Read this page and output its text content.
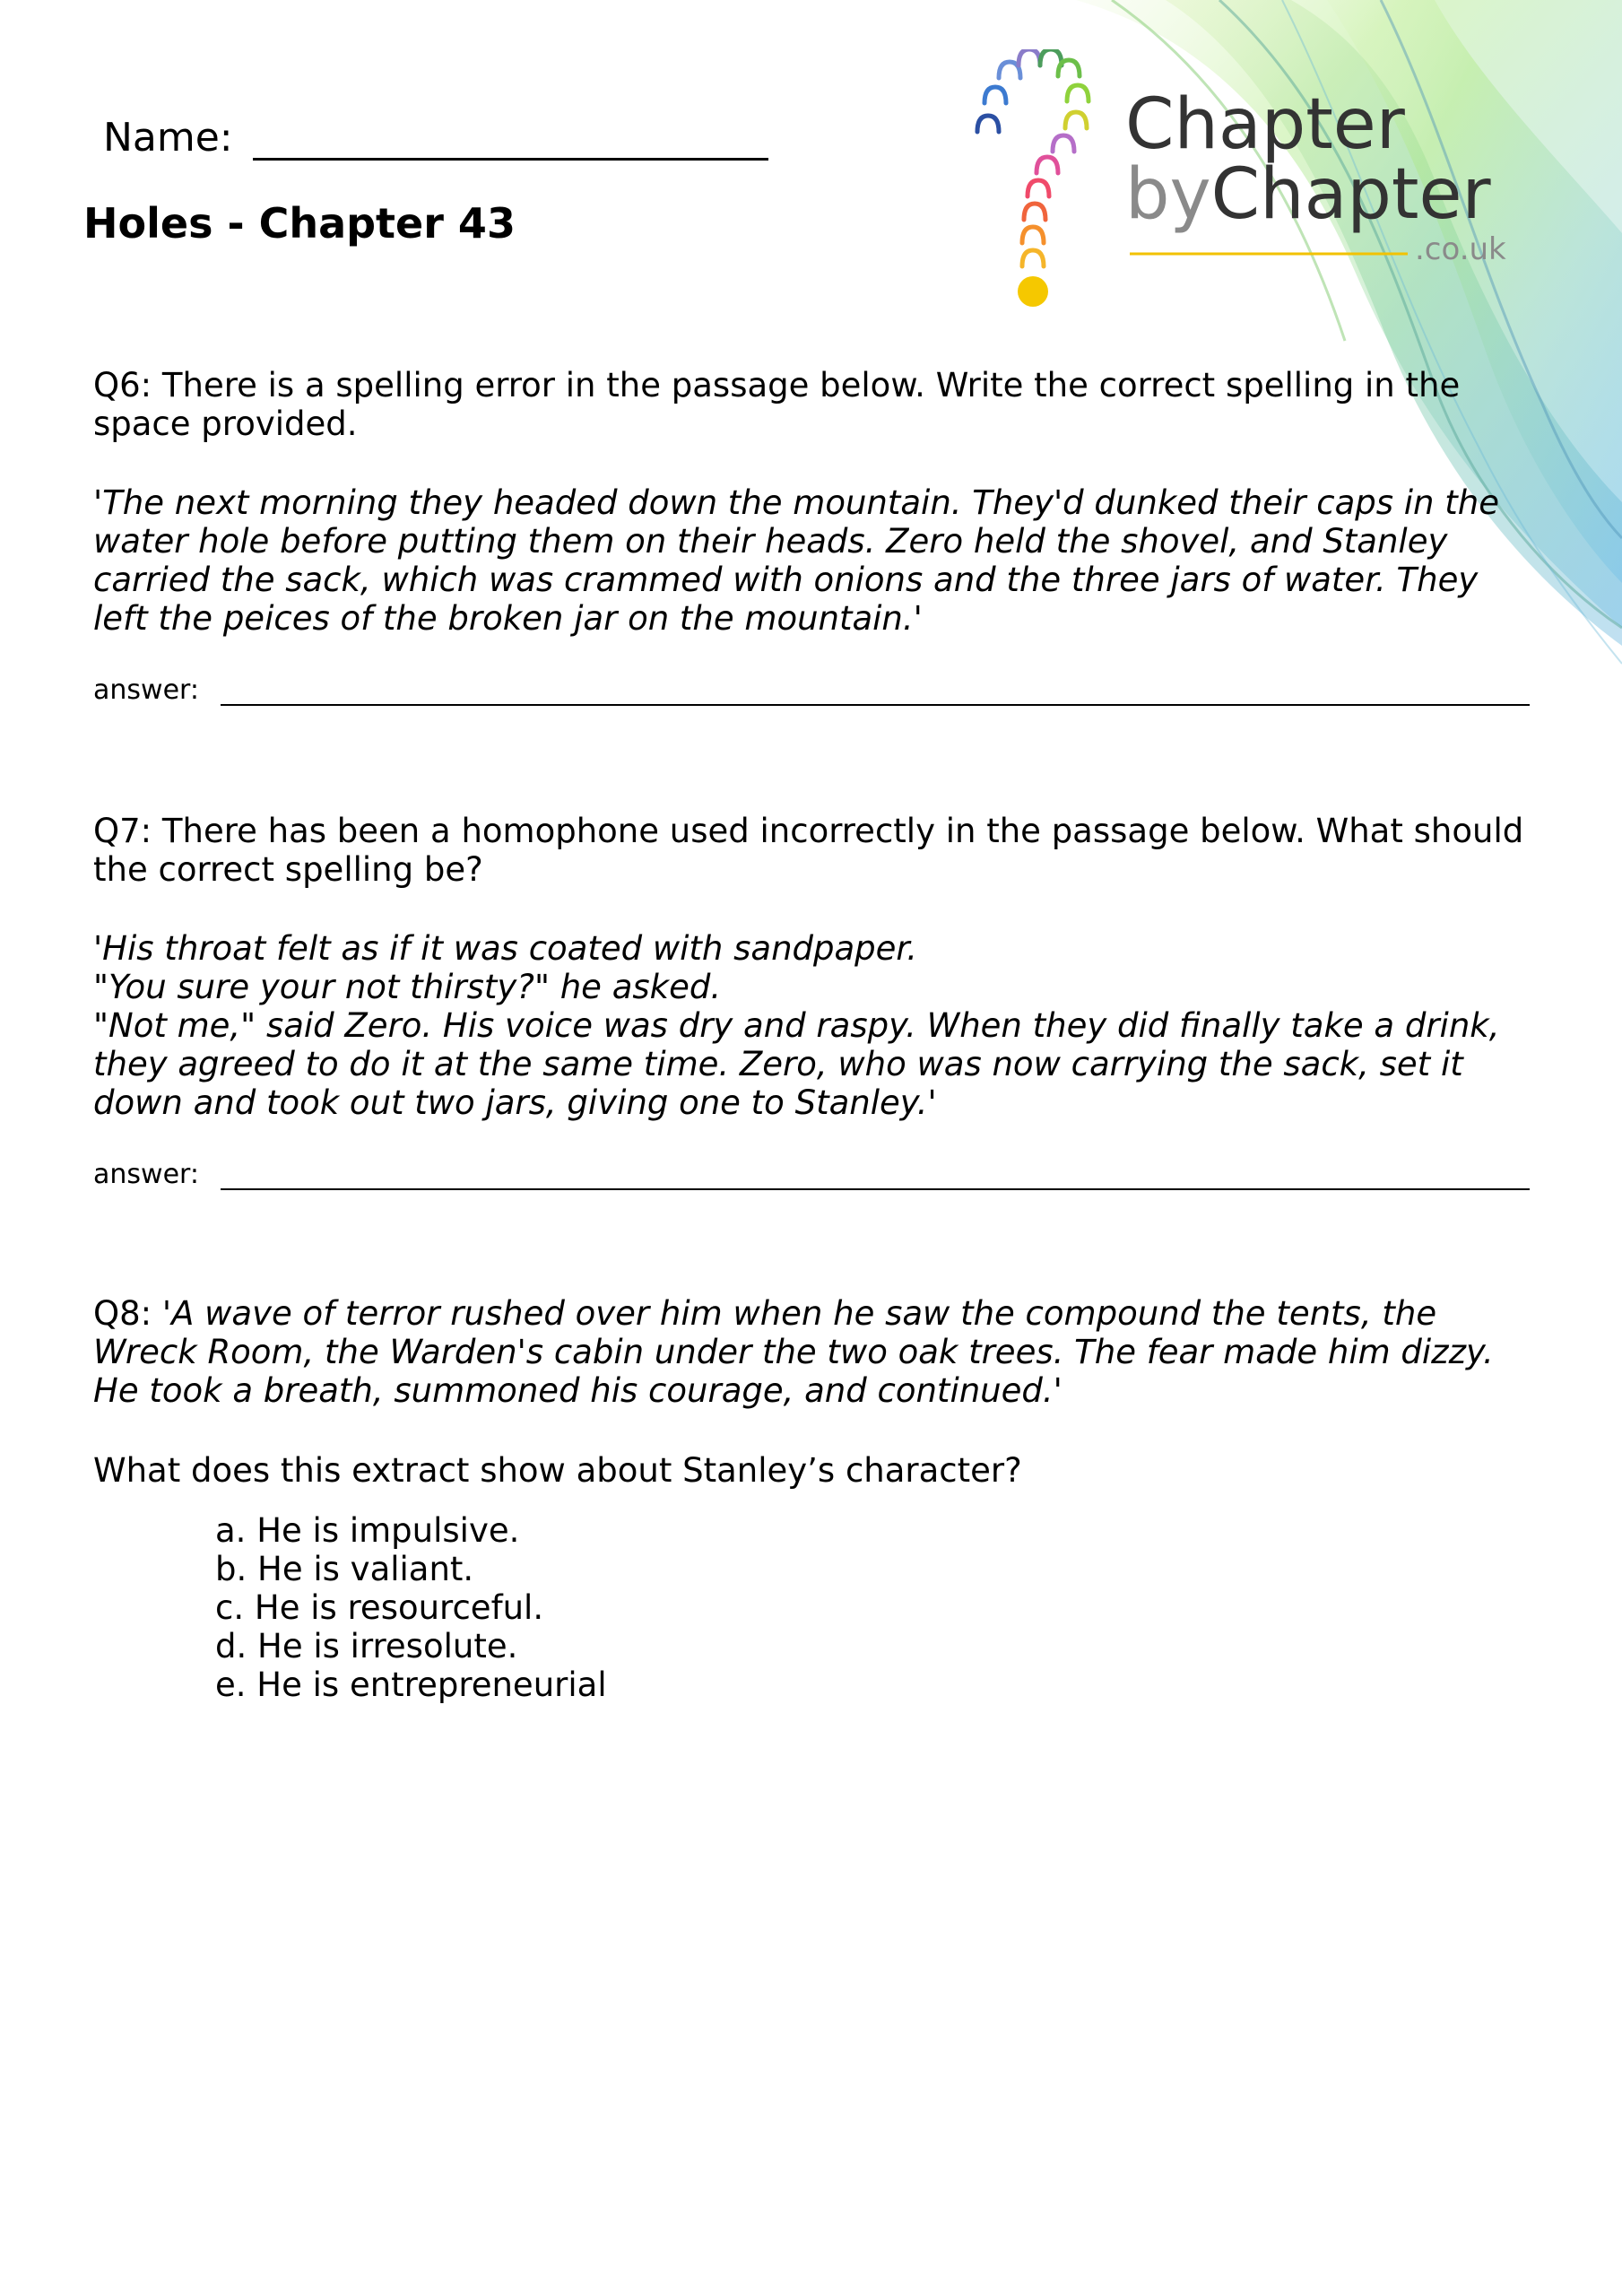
Chapter
byChapter
.co.uk
Name:
Holes - Chapter 43
Q6: There is a spelling error in the passage below. Write the correct spelling in the space provided.
'The next morning they headed down the mountain. They'd dunked their caps in the water hole before putting them on their heads. Zero held the shovel, and Stanley carried the sack, which was crammed with onions and the three jars of water. They left the peices of the broken jar on the mountain.'
answer:
Q7: There has been a homophone used incorrectly in the passage below. What should the correct spelling be?

'His throat felt as if it was coated with sandpaper.

"You sure your not thirsty?" he asked.

"Not me," said Zero. His voice was dry and raspy. When they did finally take a drink, they agreed to do it at the same time. Zero, who was now carrying the sack, set it down and took out two jars, giving one to Stanley.'

answer:
Q8: 'A wave of terror rushed over him when he saw the compound the tents, the Wreck Room, the Warden's cabin under the two oak trees. The fear made him dizzy. He took a breath, summoned his courage, and continued.'
What does this extract show about Stanley’s character?
a. He is impulsive.
b. He is valiant.
c. He is resourceful.
d. He is irresolute.
e. He is entrepreneurial
